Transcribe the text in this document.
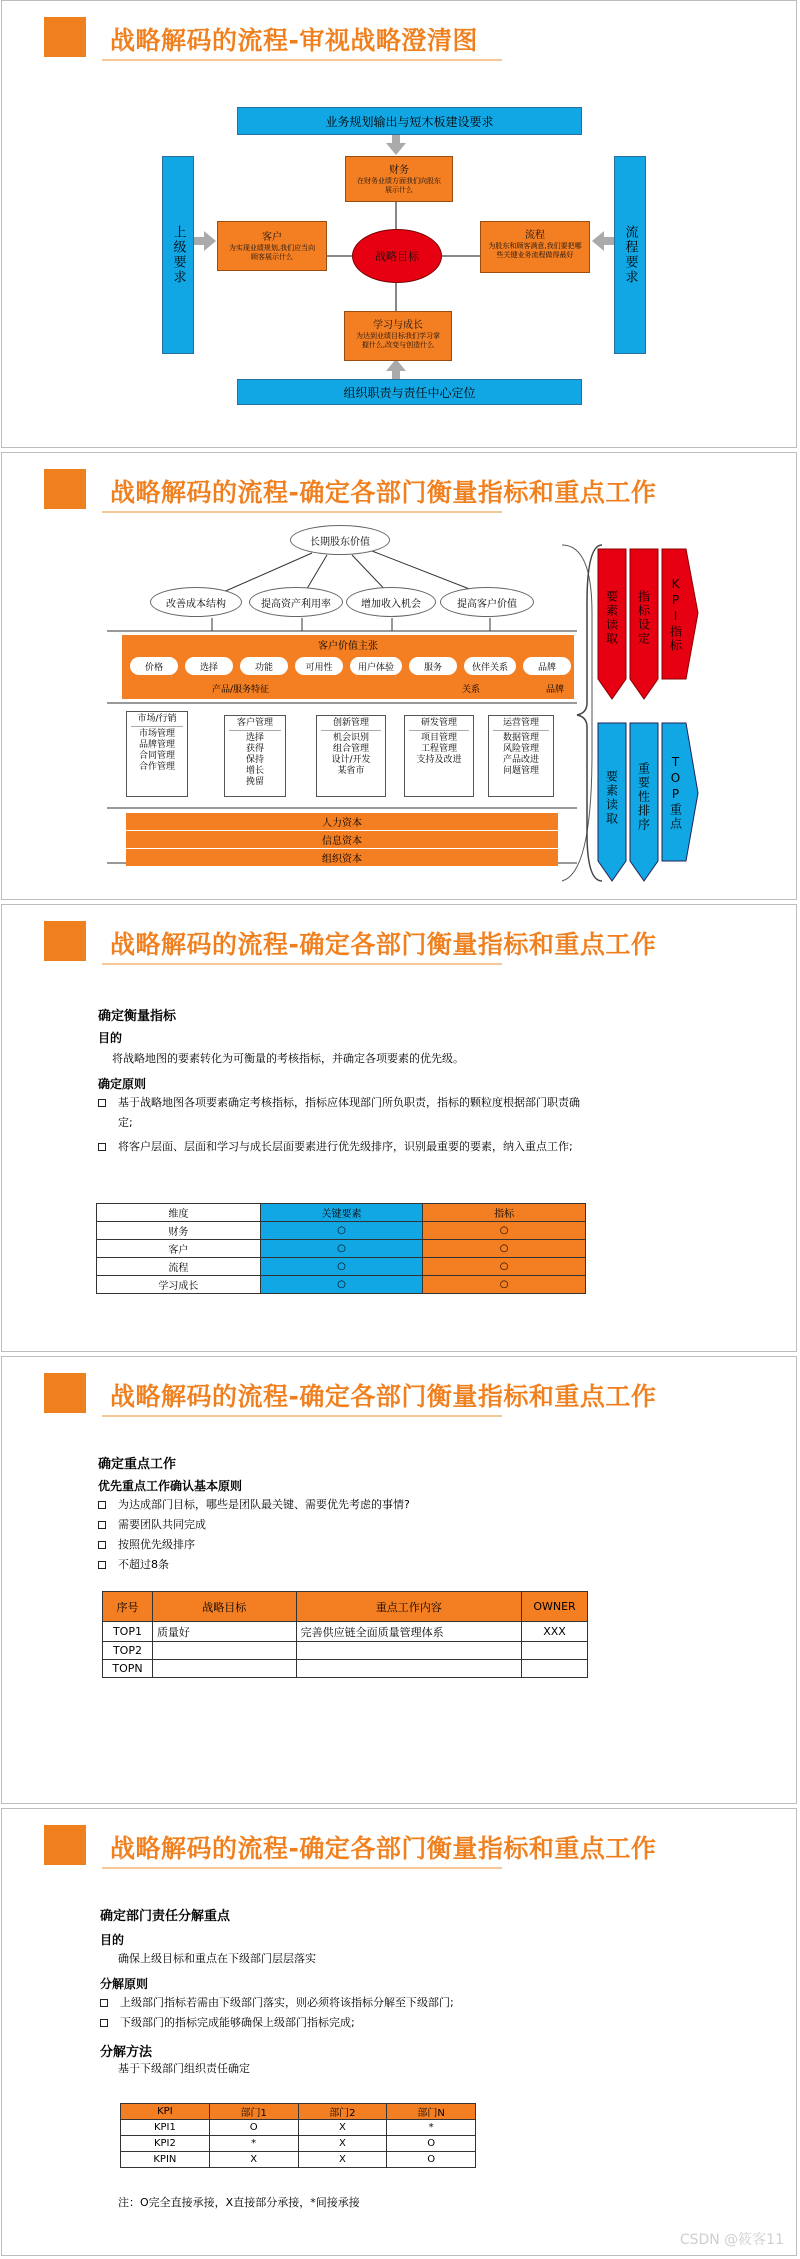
战略解码的流程-审视战略澄清图
业务规划输出与短木板建设要求
组织职责与责任中心定位
上级要求	流程要求
财务
在财务业绩方面我们向股东展示什么
客户
为实现业绩规划,我们应当向顾客展示什么
流程
为股东和顾客满意,我们要把哪些关键业务流程做得最好
学习与成长
为达到业绩目标我们学习掌握什么,改变与创造什么
战略目标
战略解码的流程-确定各部门衡量指标和重点工作
长期股东价值
改善成本结构	提高资产利用率	增加收入机会	提高客户价值
客户价值主张
价格	选择	功能	可用性	用户体验	服务	伙伴关系	品牌
产品/服务特征	关系	品牌
市场/行销
市场管理
品牌管理
合同管理
合作管理
客户管理
选择
获得
保持
增长
挽留
创新管理
机会识别
组合管理
设计/开发
某省市
研发管理
项目管理
工程管理
支持及改进
运营管理
数据管理
风险管理
产品改进
问题管理
人力资本
信息资本
组织资本
要素读取 指标设定 KPI指标
要素读取 重要性排序 TOP重点
战略解码的流程-确定各部门衡量指标和重点工作
确定衡量指标
目的
将战略地图的要素转化为可衡量的考核指标，并确定各项要素的优先级。
确定原则
基于战略地图各项要素确定考核指标，指标应体现部门所负职责，指标的颗粒度根据部门职责确定;
将客户层面、层面和学习与成长层面要素进行优先级排序，识别最重要的要素，纳入重点工作;
维度	关键要素	指标
财务	○	○
客户	○	○
流程	○	○
学习成长	○	○
战略解码的流程-确定各部门衡量指标和重点工作
确定重点工作
优先重点工作确认基本原则
为达成部门目标，哪些是团队最关键、需要优先考虑的事情?
需要团队共同完成
按照优先级排序
不超过8条
序号	战略目标	重点工作内容	OWNER
TOP1	质量好	完善供应链全面质量管理体系	XXX
TOP2			
TOPN			
战略解码的流程-确定各部门衡量指标和重点工作
确定部门责任分解重点
目的
确保上级目标和重点在下级部门层层落实
分解原则
上级部门指标若需由下级部门落实，则必须将该指标分解至下级部门;
下级部门的指标完成能够确保上级部门指标完成;
分解方法
基于下级部门组织责任确定
KPI	部门1	部门2	部门N
KPI1	O	X	*
KPI2	*	X	O
KPIN	X	X	O
注：O完全直接承接，X直接部分承接，*间接承接
CSDN @筱客11
